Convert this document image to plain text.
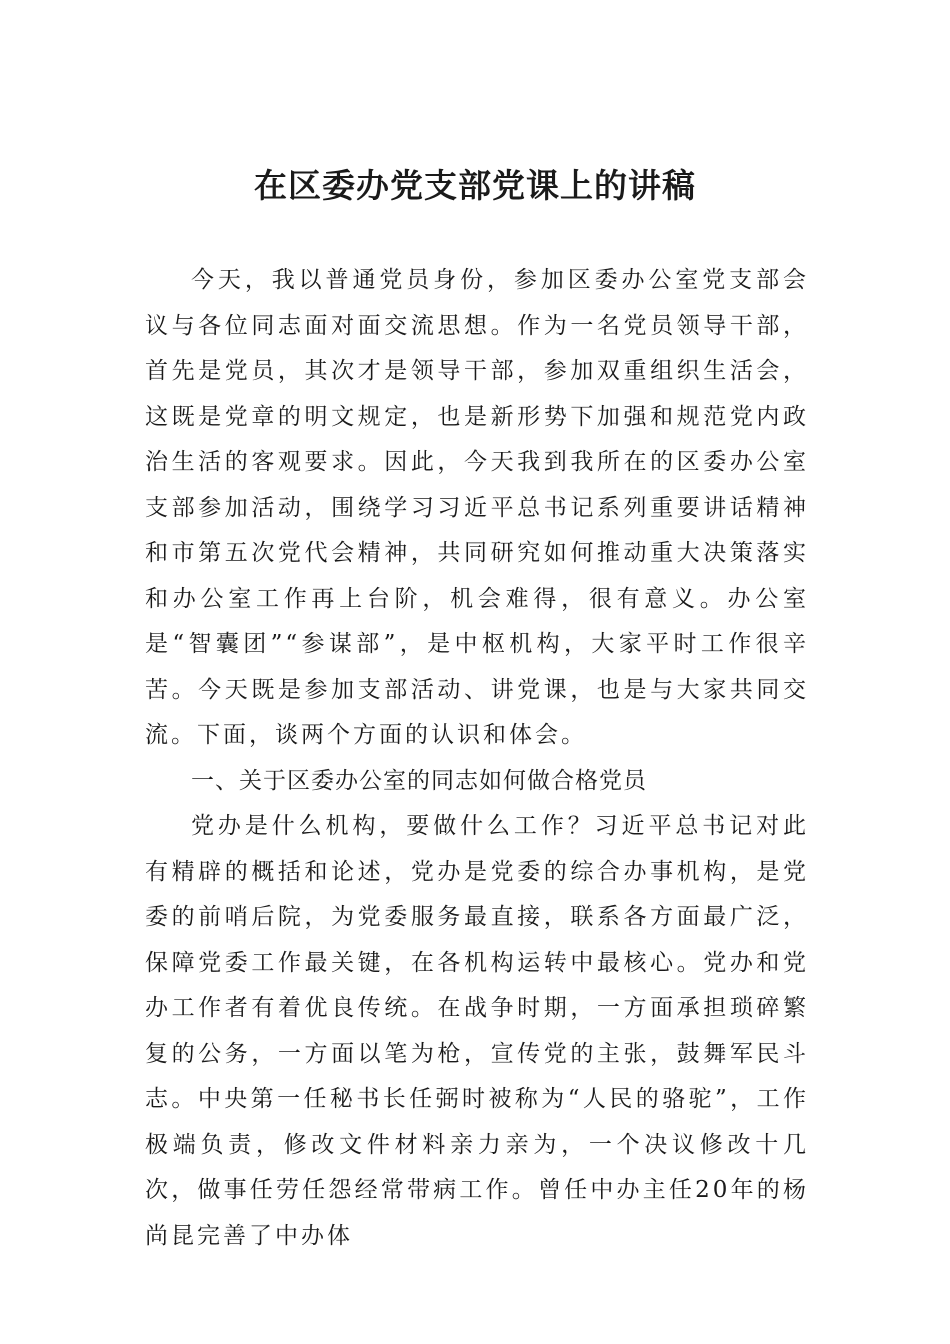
在区委办党支部党课上的讲稿

今天，我以普通党员身份，参加区委办公室党支部会议与各位同志面对面交流思想。作为一名党员领导干部，首先是党员，其次才是领导干部，参加双重组织生活会，这既是党章的明文规定，也是新形势下加强和规范党内政治生活的客观要求。因此，今天我到我所在的区委办公室支部参加活动，围绕学习习近平总书记系列重要讲话精神和市第五次党代会精神，共同研究如何推动重大决策落实和办公室工作再上台阶，机会难得，很有意义。办公室是“智囊团”“参谋部”，是中枢机构，大家平时工作很辛苦。今天既是参加支部活动、讲党课，也是与大家共同交流。下面，谈两个方面的认识和体会。

一、关于区委办公室的同志如何做合格党员

党办是什么机构，要做什么工作？习近平总书记对此有精辟的概括和论述，党办是党委的综合办事机构，是党委的前哨后院，为党委服务最直接，联系各方面最广泛，保障党委工作最关键，在各机构运转中最核心。党办和党办工作者有着优良传统。在战争时期，一方面承担琐碎繁复的公务，一方面以笔为枪，宣传党的主张，鼓舞军民斗志。中央第一任秘书长任弼时被称为“人民的骆驼”，工作极端负责，修改文件材料亲力亲为，一个决议修改十几次，做事任劳任怨经常带病工作。曾任中办主任20年的杨尚昆完善了中办体
